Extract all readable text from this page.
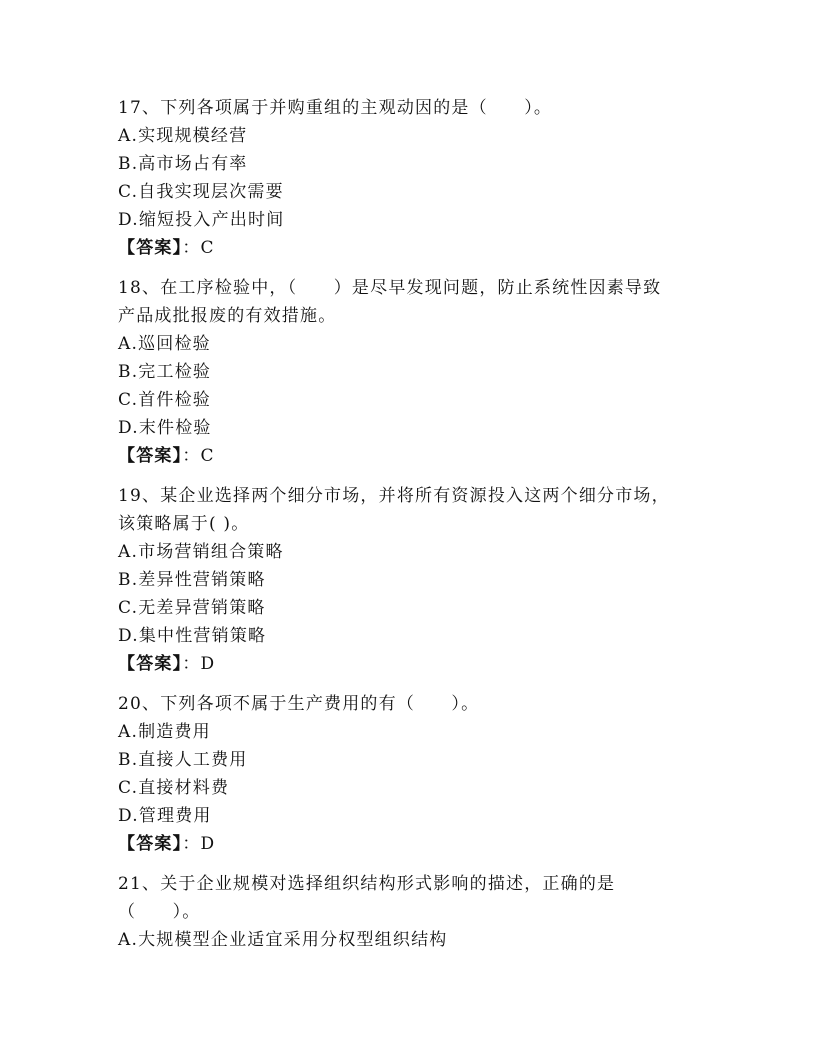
17、下列各项属于并购重组的主观动因的是（　　）。
A.实现规模经营
B.高市场占有率
C.自我实现层次需要
D.缩短投入产出时间
【答案】：C
18、在工序检验中，（　　）是尽早发现问题，防止系统性因素导致
产品成批报废的有效措施。
A.巡回检验
B.完工检验
C.首件检验
D.末件检验
【答案】：C
19、某企业选择两个细分市场，并将所有资源投入这两个细分市场，
该策略属于( )。
A.市场营销组合策略
B.差异性营销策略
C.无差异营销策略
D.集中性营销策略
【答案】：D
20、下列各项不属于生产费用的有（　　）。
A.制造费用
B.直接人工费用
C.直接材料费
D.管理费用
【答案】：D
21、关于企业规模对选择组织结构形式影响的描述，正确的是
（　　）。
A.大规模型企业适宜采用分权型组织结构
